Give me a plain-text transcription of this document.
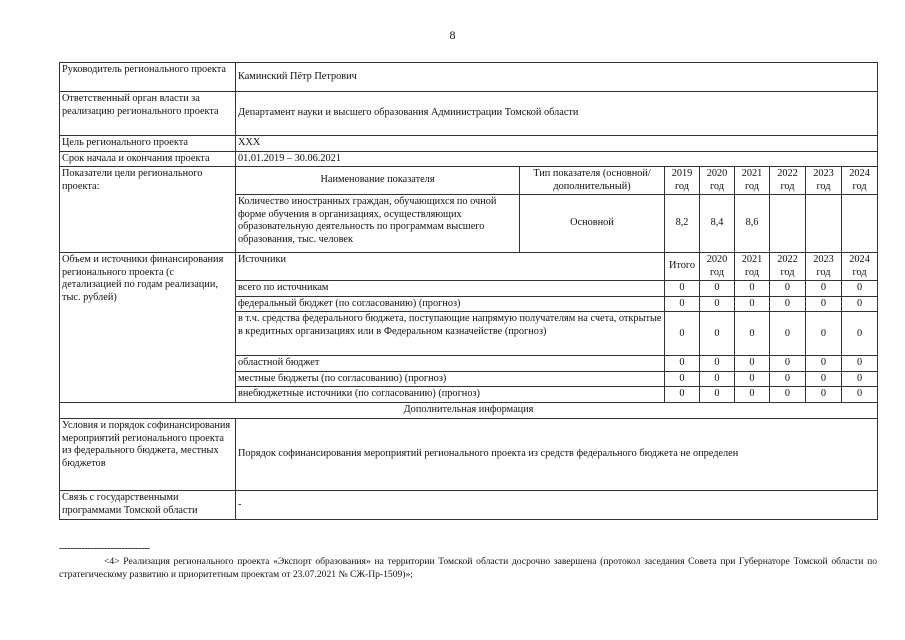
8
Руководитель регионального проекта	Каминский Пётр Петрович							
Ответственный орган власти за реализацию регионального проекта	Департамент науки и высшего образования Администрации Томской области							
Цель регионального проекта	XXX							
Срок начала и окончания проекта	01.01.2019 – 30.06.2021							
Показатели цели регионального проекта:	Наименование показателя	Тип показателя (основной/ дополнительный)	2019 год	2020 год	2021 год	2022 год	2023 год	2024 год
	Количество иностранных граждан, обучающихся по очной форме обучения в организациях, осуществляющих образовательную деятельность по программам высшего образования, тыс. человек	Основной	8,2	8,4	8,6			
Объем и источники финансирования регионального проекта (с детализацией по годам реализации, тыс. рублей)	Источники		Итого	2020 год	2021 год	2022 год	2023 год	2024 год
	всего по источникам		0	0	0	0	0	0
	федеральный бюджет (по согласованию) (прогноз)		0	0	0	0	0	0
	в т.ч. средства федерального бюджета, поступающие напрямую получателям на счета, открытые в кредитных организациях или в Федеральном казначействе (прогноз)		0	0	0	0	0	0
	областной бюджет		0	0	0	0	0	0
	местные бюджеты (по согласованию) (прогноз)		0	0	0	0	0	0
	внебюджетные источники (по согласованию) (прогноз)		0	0	0	0	0	0
Дополнительная информация								
Условия и порядок софинансирования мероприятий регионального проекта из федерального бюджета, местных бюджетов	Порядок софинансирования мероприятий регионального проекта из средств федерального бюджета не определен							
Связь с государственными программами Томской области	-							
--------------------------------
<4> Реализация регионального проекта «Экспорт образования» на территории Томской области досрочно завершена (протокол заседания Совета при Губернаторе Томской области по стратегическому развитию и приоритетным проектам от 23.07.2021 № СЖ-Пр-1509)»;
